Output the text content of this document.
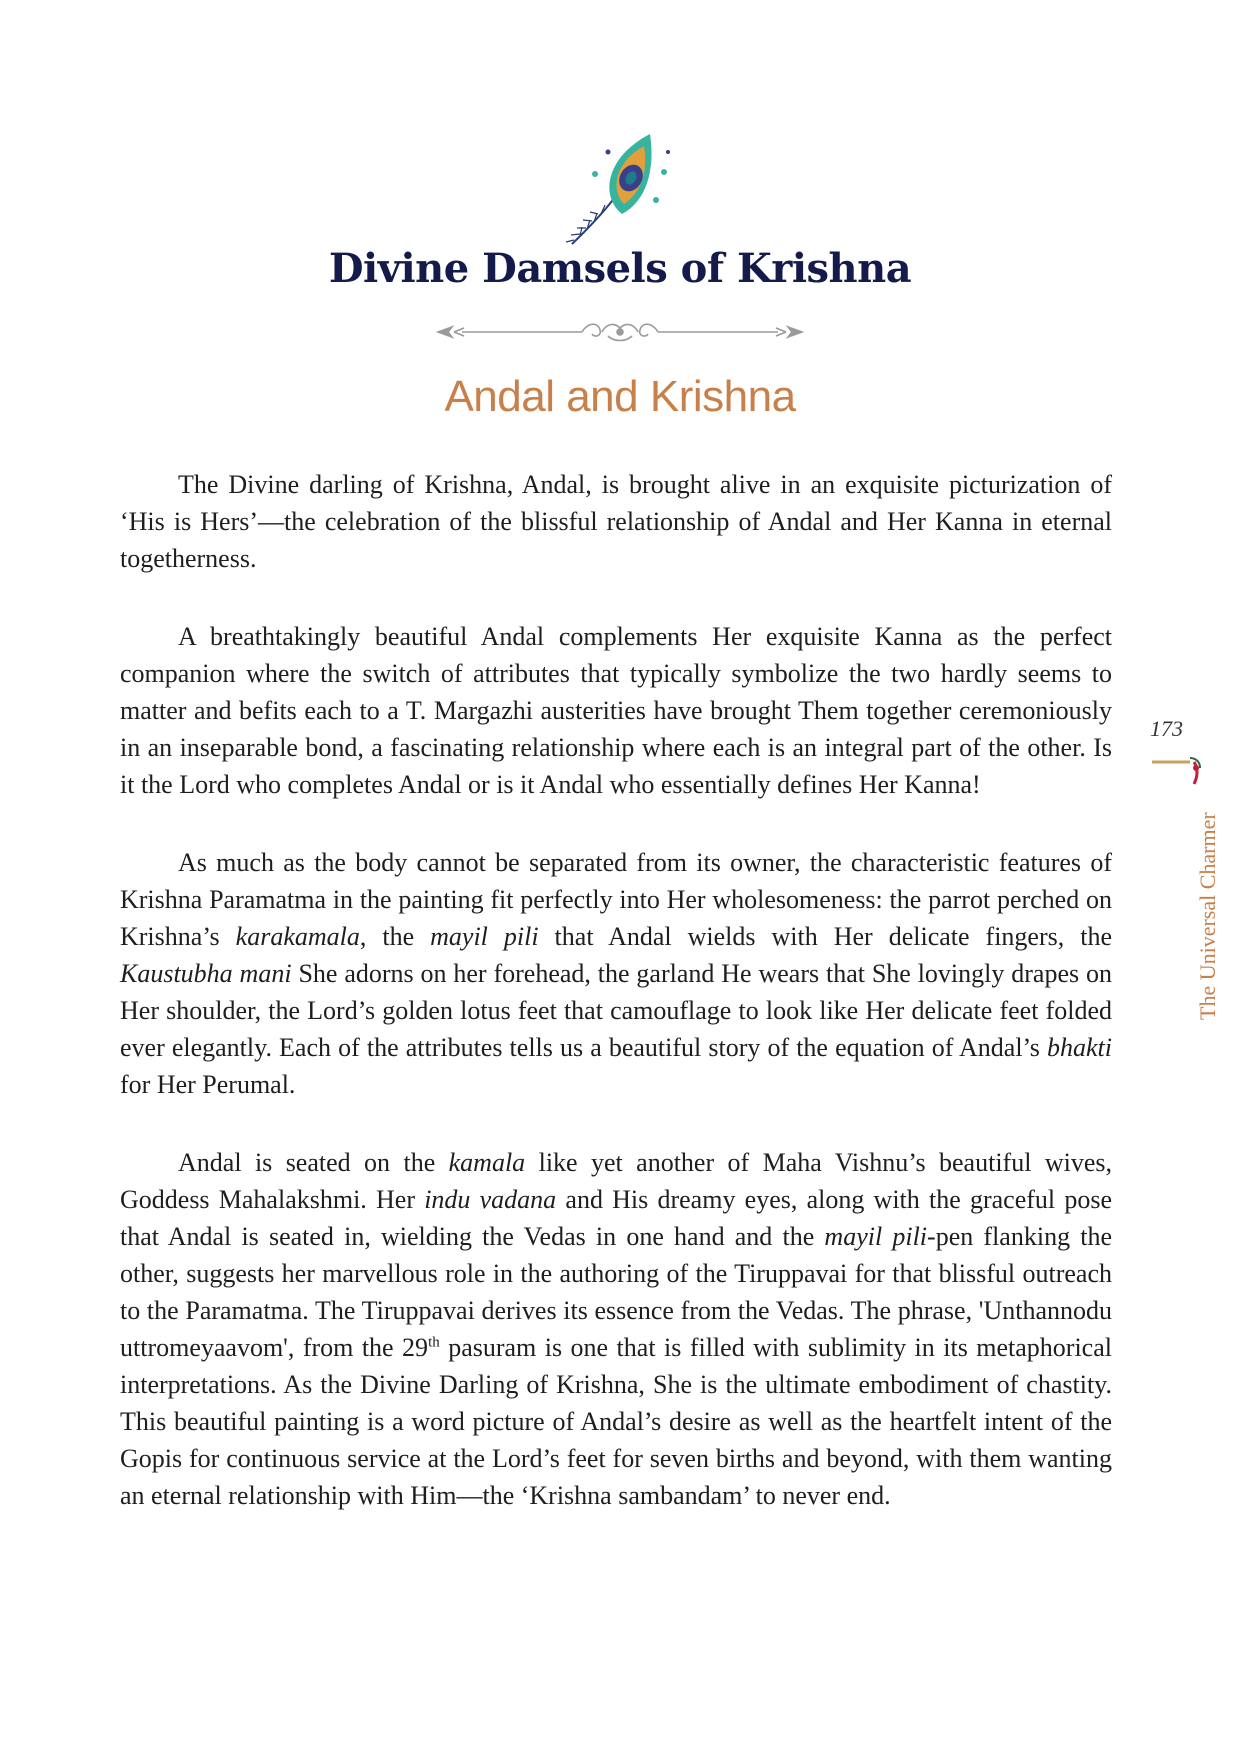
Divine Damsels of Krishna
Andal and Krishna

The Divine darling of Krishna, Andal, is brought alive in an exquisite picturization of ‘His is Hers’—the celebration of the blissful relationship of Andal and Her Kanna in eternal togetherness.

A breathtakingly beautiful Andal complements Her exquisite Kanna as the perfect companion where the switch of attributes that typically symbolize the two hardly seems to matter and befits each to a T. Margazhi austerities have brought Them together ceremoniously in an inseparable bond, a fascinating relationship where each is an integral part of the other. Is it the Lord who completes Andal or is it Andal who essentially defines Her Kanna!

As much as the body cannot be separated from its owner, the characteristic features of Krishna Paramatma in the painting fit perfectly into Her wholesomeness: the parrot perched on Krishna’s karakamala, the mayil pili that Andal wields with Her delicate fingers, the Kaustubha mani She adorns on her forehead, the garland He wears that She lovingly drapes on Her shoulder, the Lord’s golden lotus feet that camouflage to look like Her delicate feet folded ever elegantly. Each of the attributes tells us a beautiful story of the equation of Andal’s bhakti for Her Perumal.

Andal is seated on the kamala like yet another of Maha Vishnu’s beautiful wives, Goddess Mahalakshmi. Her indu vadana and His dreamy eyes, along with the graceful pose that Andal is seated in, wielding the Vedas in one hand and the mayil pili-pen flanking the other, suggests her marvellous role in the authoring of the Tiruppavai for that blissful outreach to the Paramatma. The Tiruppavai derives its essence from the Vedas. The phrase, 'Unthannodu uttromeyaavom', from the 29th pasuram is one that is filled with sublimity in its metaphorical interpretations. As the Divine Darling of Krishna, She is the ultimate embodiment of chastity. This beautiful painting is a word picture of Andal’s desire as well as the heartfelt intent of the Gopis for continuous service at the Lord’s feet for seven births and beyond, with them wanting an eternal relationship with Him—the ‘Krishna sambandam’ to never end.

173
The Universal Charmer
